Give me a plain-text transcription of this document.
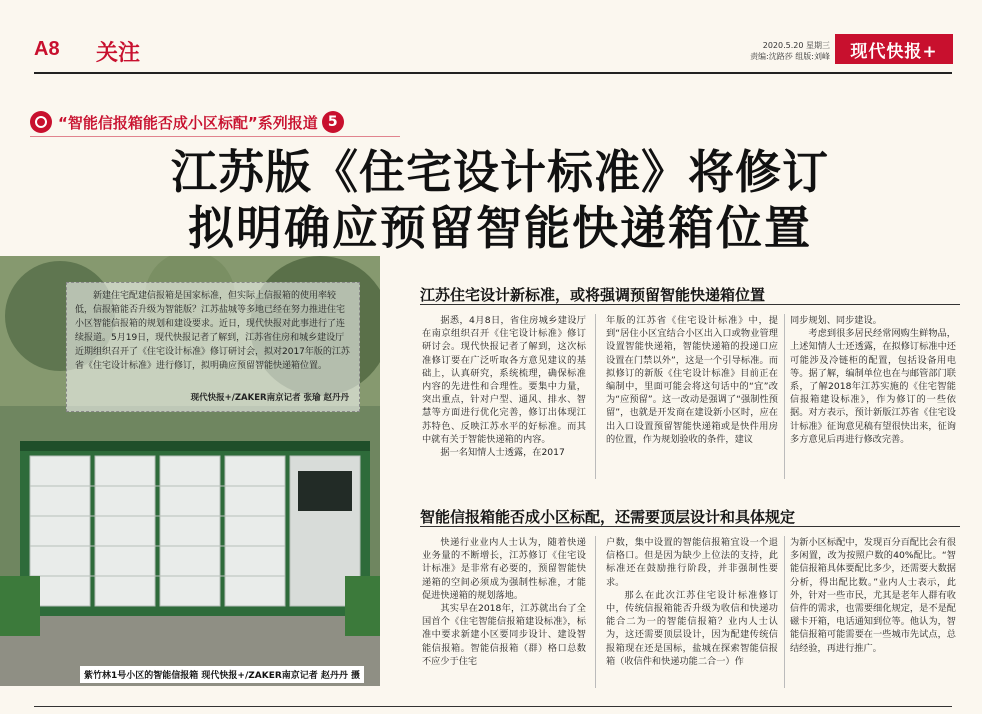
A8 关注	2020.5.20 星期三
责编:沈路莎 组版:刘峰	现代快报+
“智能信报箱能否成小区标配”系列报道 5
江苏版《住宅设计标准》将修订
拟明确应预留智能快递箱位置

新建住宅配建信报箱是国家标准，但实际上信报箱的使用率较低，信报箱能否升级为智能版？江苏盐城等多地已经在努力推进住宅小区智能信报箱的规划和建设要求。近日，现代快报对此事进行了连续报道。5月19日，现代快报记者了解到，江苏省住房和城乡建设厅近期组织召开了《住宅设计标准》修订研讨会，拟对2017年版的江苏省《住宅设计标准》进行修订，拟明确应预留智能快递箱位置。

现代快报+/ZAKER南京记者 张瑜 赵丹丹
紫竹林1号小区的智能信报箱 现代快报+/ZAKER南京记者 赵丹丹 摄
江苏住宅设计新标准，或将强调预留智能快递箱位置

据悉，4月8日，省住房城乡建设厅在南京组织召开《住宅设计标准》修订研讨会。现代快报记者了解到，这次标准修订要在广泛听取各方意见建议的基础上，认真研究，系统梳理，确保标准内容的先进性和合理性。要集中力量，突出重点，针对户型、通风、排水、智慧等方面进行优化完善，修订出体现江苏特色、反映江苏水平的好标准。而其中就有关于智能快递箱的内容。

据一名知情人士透露，在2017

年版的江苏省《住宅设计标准》中，提到“居住小区宜结合小区出入口或物业管理设置智能快递箱，智能快递箱的投递口应设置在门禁以外”，这是一个引导标准。而拟修订的新版《住宅设计标准》目前正在编制中，里面可能会将这句话中的“宜”改为“应预留”。这一改动是强调了“强制性预留”，也就是开发商在建设新小区时，应在出入口设置预留智能快递箱或是快件用房的位置，作为规划验收的条件，建议

同步规划、同步建设。

考虑到很多居民经常网购生鲜物品，上述知情人士还透露，在拟修订标准中还可能涉及冷链柜的配置，包括设备用电等。据了解，编制单位也在与邮管部门联系，了解2018年江苏实施的《住宅智能信报箱建设标准》，作为修订的一些依据。对方表示，预计新版江苏省《住宅设计标准》征询意见稿有望很快出来，征询多方意见后再进行修改完善。

智能信报箱能否成小区标配，还需要顶层设计和具体规定

快递行业业内人士认为，随着快递业务量的不断增长，江苏修订《住宅设计标准》是非常有必要的，预留智能快递箱的空间必须成为强制性标准，才能促进快递箱的规划落地。

其实早在2018年，江苏就出台了全国首个《住宅智能信报箱建设标准》，标准中要求新建小区要同步设计、建设智能信报箱。智能信报箱（群）格口总数不应少于住宅

户数，集中设置的智能信报箱宜设一个退信格口。但是因为缺少上位法的支持，此标准还在鼓励推行阶段，并非强制性要求。

那么在此次江苏住宅设计标准修订中，传统信报箱能否升级为收信和快递功能合二为一的智能信报箱？业内人士认为，这还需要顶层设计，因为配建传统信报箱现在还是国标，盐城在探索智能信报箱（收信件和快递功能二合一）作

为新小区标配中，发现百分百配比会有很多闲置，改为按照户数的40%配比。“智能信报箱具体要配比多少，还需要大数据分析，得出配比数。”业内人士表示，此外，针对一些市民，尤其是老年人群有收信件的需求，也需要细化规定，是不是配磁卡开箱，电话通知到位等。他认为，智能信报箱可能需要在一些城市先试点，总结经验，再进行推广。
